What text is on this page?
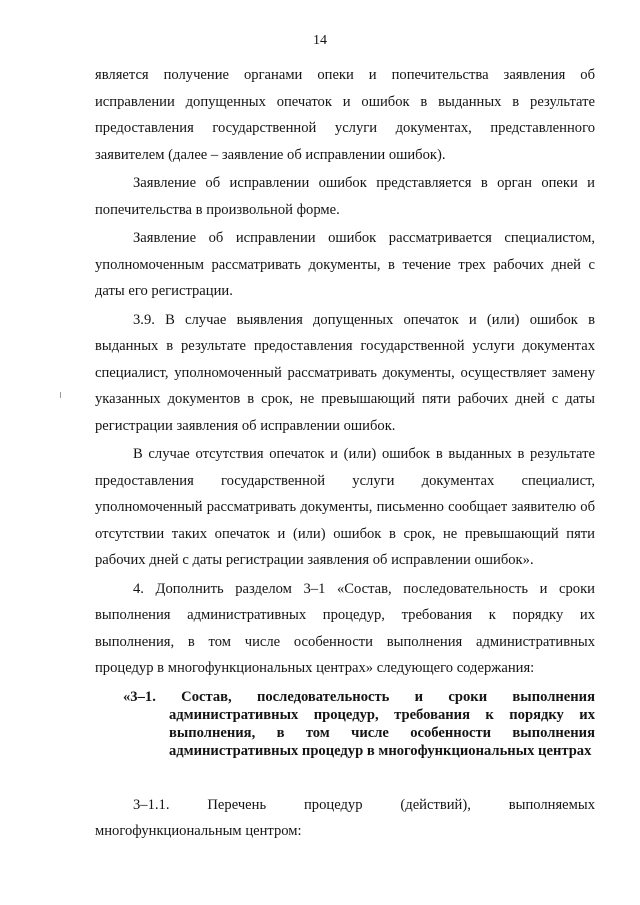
14

является получение органами опеки и попечительства заявления об исправлении допущенных опечаток и ошибок в выданных в результате предоставления государственной услуги документах, представленного заявителем (далее – заявление об исправлении ошибок).

Заявление об исправлении ошибок представляется в орган опеки и попечительства в произвольной форме.

Заявление об исправлении ошибок рассматривается специалистом, уполномоченным рассматривать документы, в течение трех рабочих дней с даты его регистрации.

3.9. В случае выявления допущенных опечаток и (или) ошибок в выданных в результате предоставления государственной услуги документах специалист, уполномоченный рассматривать документы, осуществляет замену указанных документов в срок, не превышающий пяти рабочих дней с даты регистрации заявления об исправлении ошибок.

В случае отсутствия опечаток и (или) ошибок в выданных в результате предоставления государственной услуги документах специалист, уполномоченный рассматривать документы, письменно сообщает заявителю об отсутствии таких опечаток и (или) ошибок в срок, не превышающий пяти рабочих дней с даты регистрации заявления об исправлении ошибок».

4. Дополнить разделом 3–1 «Состав, последовательность и сроки выполнения административных процедур, требования к порядку их выполнения, в том числе особенности выполнения административных процедур в многофункциональных центрах» следующего содержания:

«3–1. Состав, последовательность и сроки выполнения административных процедур, требования к порядку их выполнения, в том числе особенности выполнения административных процедур в многофункциональных центрах

3–1.1. Перечень процедур (действий), выполняемых многофункциональным центром:
